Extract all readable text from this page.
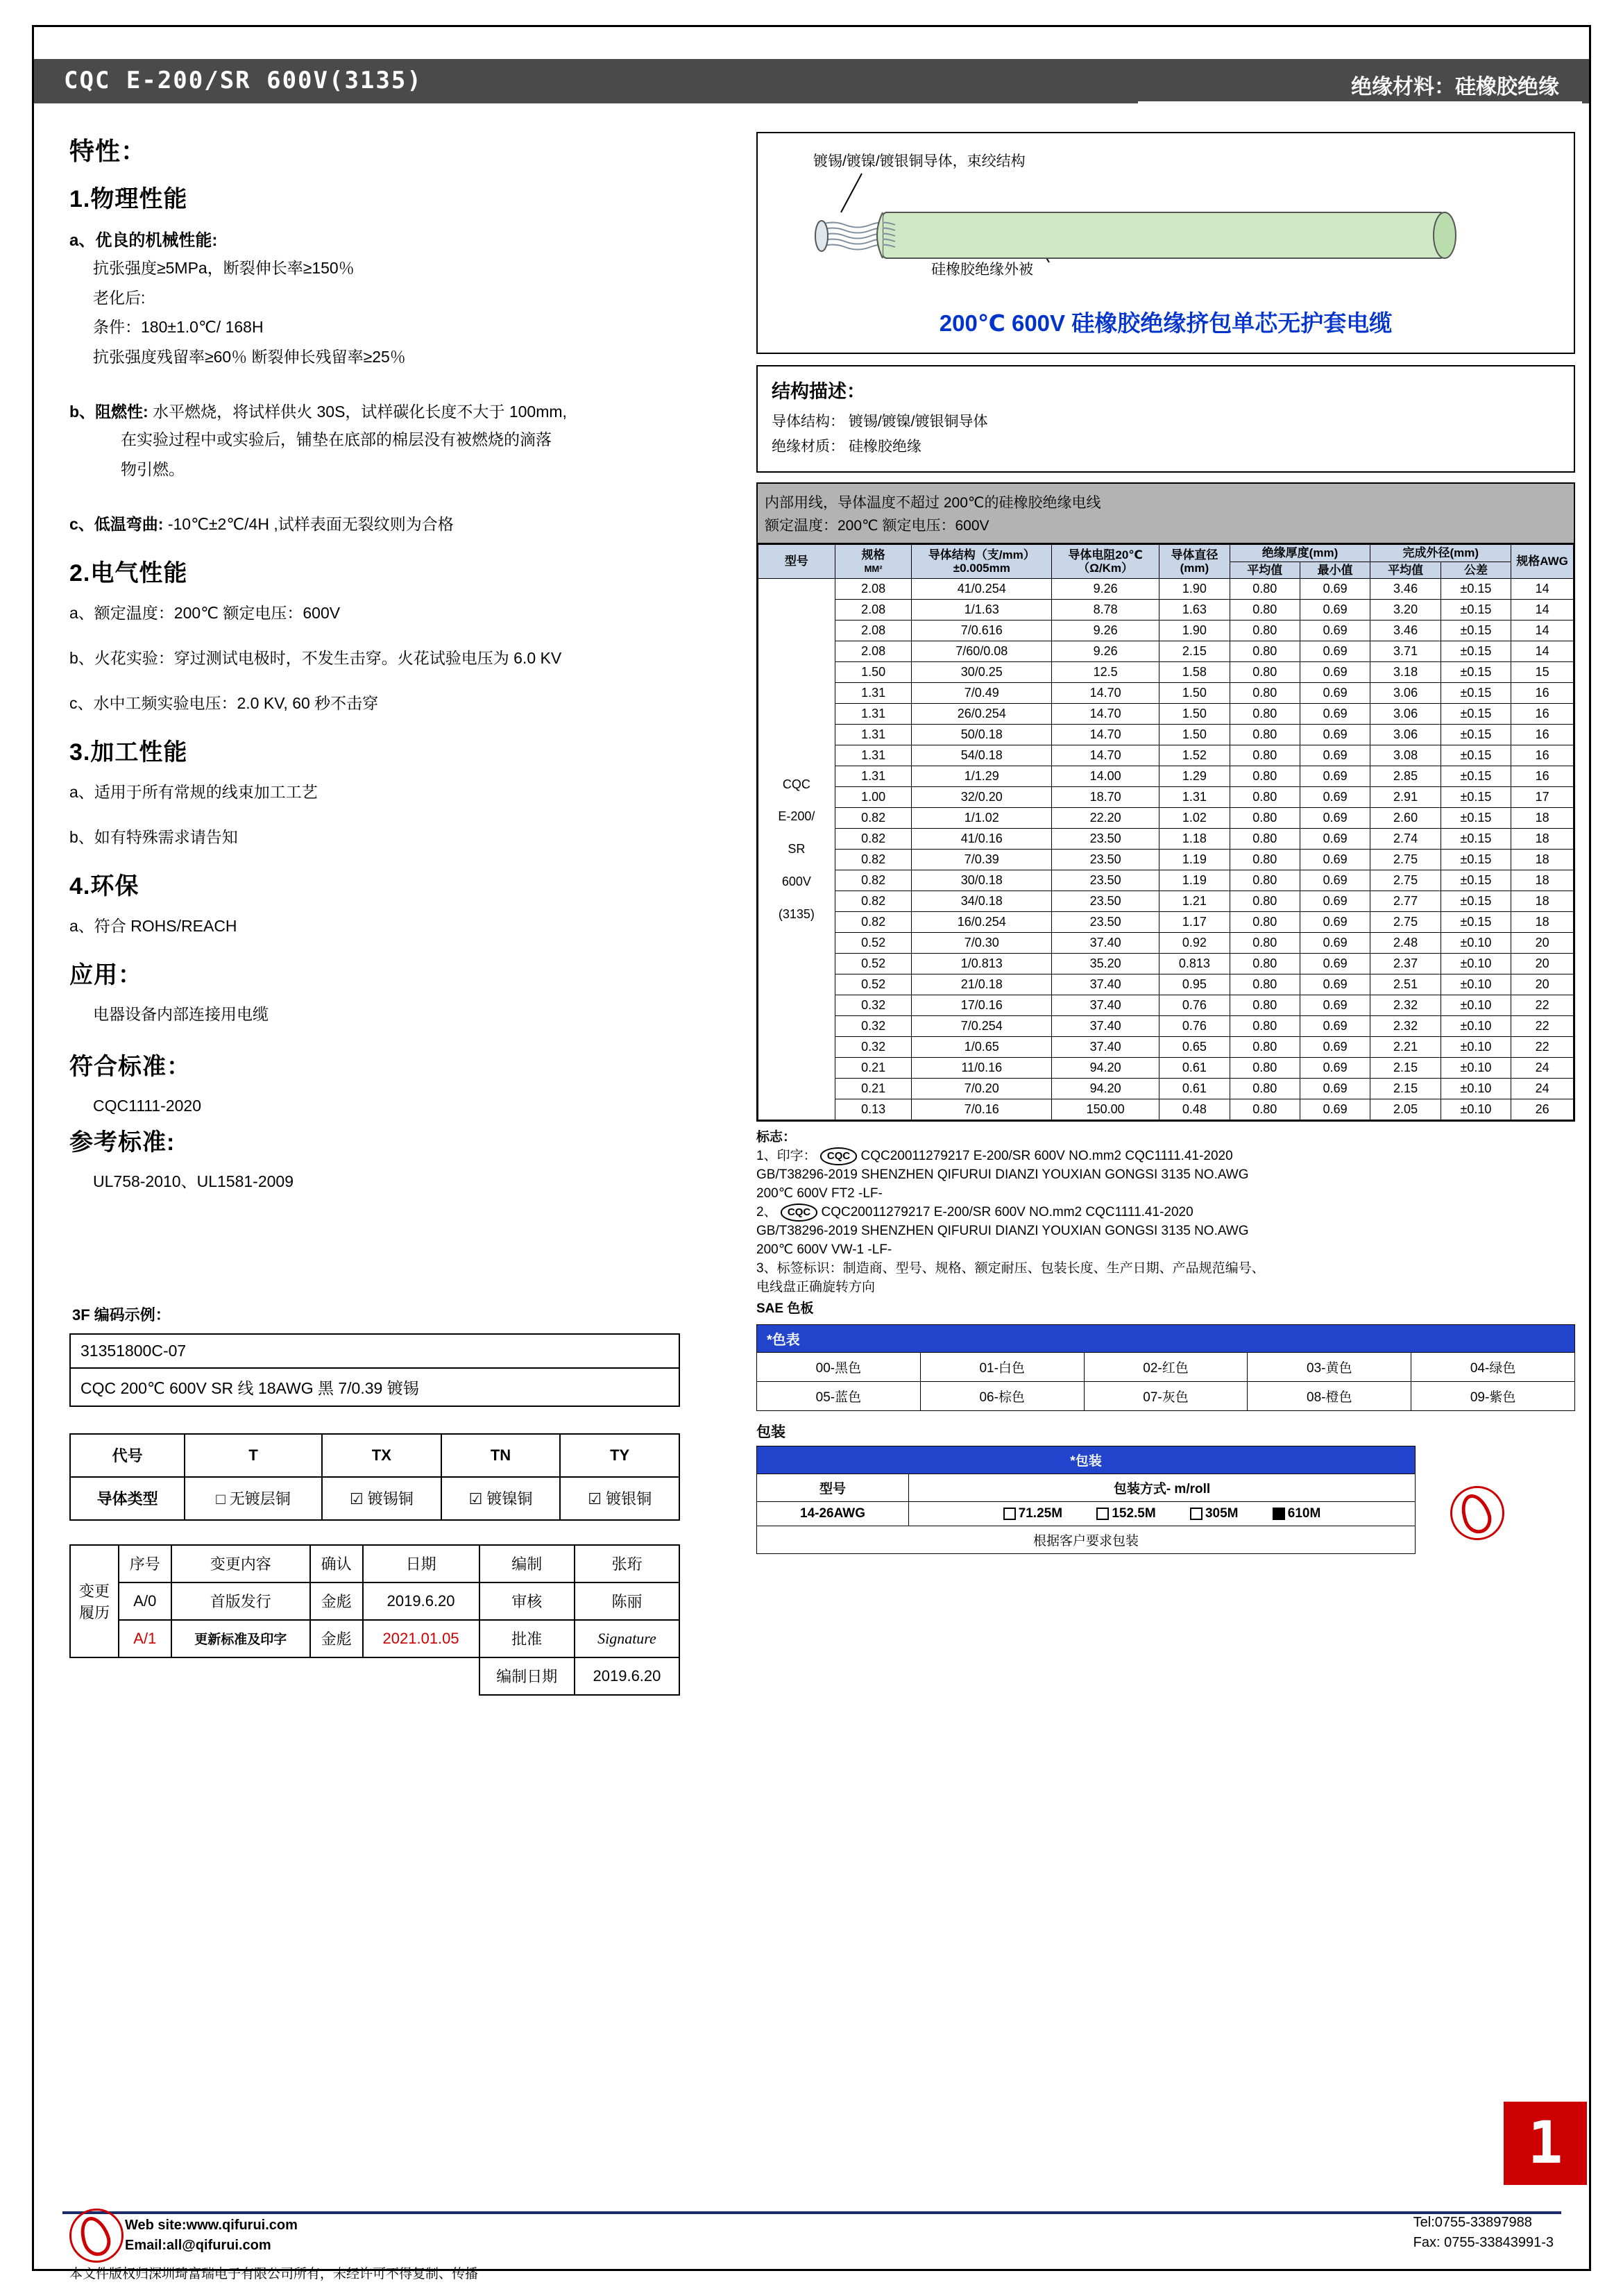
CQC E-200/SR 600V(3135)	绝缘材料：硅橡胶绝缘
特性：
1.物理性能
a、优良的机械性能:
抗张强度≥5MPa，断裂伸长率≥150％
老化后:
条件：180±1.0℃/ 168H
抗张强度残留率≥60％ 断裂伸长残留率≥25％
b、阻燃性: 水平燃烧，将试样供火 30S，试样碳化长度不大于 100mm,
在实验过程中或实验后，铺垫在底部的棉层没有被燃烧的滴落
物引燃。
c、低温弯曲: -10℃±2℃/4H ,试样表面无裂纹则为合格
2.电气性能
a、额定温度：200℃ 额定电压：600V
b、火花实验：穿过测试电极时，不发生击穿。火花试验电压为 6.0 KV
c、水中工频实验电压：2.0 KV, 60 秒不击穿
3.加工性能
a、适用于所有常规的线束加工工艺
b、如有特殊需求请告知
4.环保
a、符合 ROHS/REACH
应用：
电器设备内部连接用电缆
符合标准：
CQC1111-2020
参考标准:
UL758-2010、UL1581-2009
3F 编码示例：
31351800C-07
CQC 200℃ 600V SR 线 18AWG 黑 7/0.39 镀锡
代号	T	TX	TN	TY
导体类型	□ 无镀层铜	☑ 镀锡铜	☑ 镀镍铜	☑ 镀银铜
变更履历	序号	变更内容	确认	日期	编制	张珩
	A/0	首版发行	金彪	2019.6.20	审核	陈丽
	A/1	更新标准及印字	金彪	2021.01.05	批准	Signature
					编制日期	2019.6.20
镀锡/镀镍/镀银铜导体，束绞结构
硅橡胶绝缘外被
200℃ 600V 硅橡胶绝缘挤包单芯无护套电缆
结构描述：

导体结构： 镀锡/镀镍/镀银铜导体

绝缘材质： 硅橡胶绝缘

内部用线，导体温度不超过 200℃的硅橡胶绝缘电线
额定温度：200℃ 额定电压：600V
型号	规格
MM²	导体结构（支/mm）±0.005mm	导体电阻20℃（Ω/Km）	导体直径(mm)	绝缘厚度(mm)		完成外径(mm)		规格AWG
					平均值	最小值	平均值	公差	

CQC
E-200/
SR
600V
(3135)	2.08	41/0.254	9.26	1.90	0.80	0.69	3.46	±0.15	14
	2.08	1/1.63	8.78	1.63	0.80	0.69	3.20	±0.15	14
	2.08	7/0.616	9.26	1.90	0.80	0.69	3.46	±0.15	14
	2.08	7/60/0.08	9.26	2.15	0.80	0.69	3.71	±0.15	14
	1.50	30/0.25	12.5	1.58	0.80	0.69	3.18	±0.15	15
	1.31	7/0.49	14.70	1.50	0.80	0.69	3.06	±0.15	16
	1.31	26/0.254	14.70	1.50	0.80	0.69	3.06	±0.15	16
	1.31	50/0.18	14.70	1.50	0.80	0.69	3.06	±0.15	16
	1.31	54/0.18	14.70	1.52	0.80	0.69	3.08	±0.15	16
	1.31	1/1.29	14.00	1.29	0.80	0.69	2.85	±0.15	16
	1.00	32/0.20	18.70	1.31	0.80	0.69	2.91	±0.15	17
	0.82	1/1.02	22.20	1.02	0.80	0.69	2.60	±0.15	18
	0.82	41/0.16	23.50	1.18	0.80	0.69	2.74	±0.15	18
	0.82	7/0.39	23.50	1.19	0.80	0.69	2.75	±0.15	18
	0.82	30/0.18	23.50	1.19	0.80	0.69	2.75	±0.15	18
	0.82	34/0.18	23.50	1.21	0.80	0.69	2.77	±0.15	18
	0.82	16/0.254	23.50	1.17	0.80	0.69	2.75	±0.15	18
	0.52	7/0.30	37.40	0.92	0.80	0.69	2.48	±0.10	20
	0.52	1/0.813	35.20	0.813	0.80	0.69	2.37	±0.10	20
	0.52	21/0.18	37.40	0.95	0.80	0.69	2.51	±0.10	20
	0.32	17/0.16	37.40	0.76	0.80	0.69	2.32	±0.10	22
	0.32	7/0.254	37.40	0.76	0.80	0.69	2.32	±0.10	22
	0.32	1/0.65	37.40	0.65	0.80	0.69	2.21	±0.10	22
	0.21	11/0.16	94.20	0.61	0.80	0.69	2.15	±0.10	24
	0.21	7/0.20	94.20	0.61	0.80	0.69	2.15	±0.10	24
	0.13	7/0.16	150.00	0.48	0.80	0.69	2.05	±0.10	26
标志：
1、印字： CQC CQC20011279217 E-200/SR 600V NO.mm2 CQC1111.41-2020
GB/T38296-2019 SHENZHEN QIFURUI DIANZI YOUXIAN GONGSI 3135 NO.AWG
200℃ 600V FT2 -LF-
2、 CQC CQC20011279217 E-200/SR 600V NO.mm2 CQC1111.41-2020
GB/T38296-2019 SHENZHEN QIFURUI DIANZI YOUXIAN GONGSI 3135 NO.AWG
200℃ 600V VW-1 -LF-
3、标签标识：制造商、型号、规格、额定耐压、包装长度、生产日期、产品规范编号、
电线盘正确旋转方向
SAE 色板
*色表
00-黑色	01-白色	02-红色	03-黄色	04-绿色
05-蓝色	06-棕色	07-灰色	08-橙色	09-紫色
包装
*包装	
型号	包装方式- m/roll
14-26AWG	71.25M 152.5M 305M 610M
根据客户要求包装	
1
Web site:www.qifurui.com
Email:all@qifurui.com
Tel:0755-33897988
Fax: 0755-33843991-3
本文件版权归深圳琦富瑞电子有限公司所有，未经许可不得复制、传播
